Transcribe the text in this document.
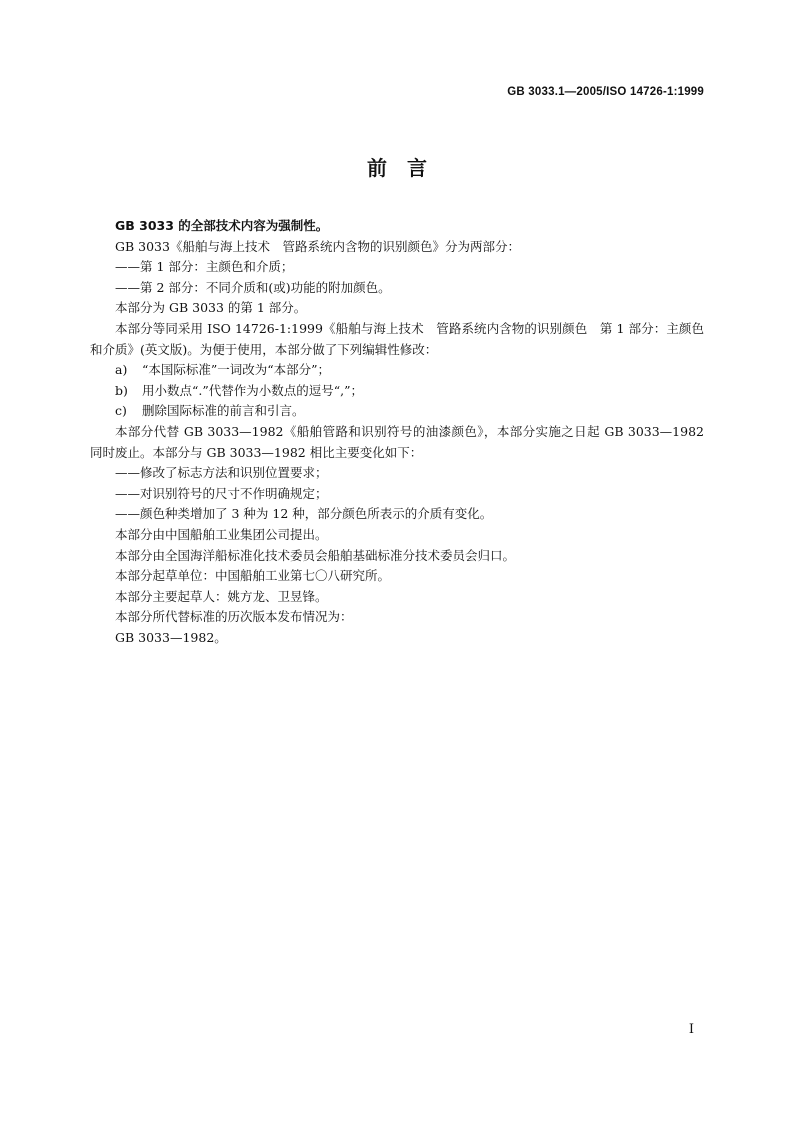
GB 3033.1—2005/ISO 14726-1:1999
前　言

GB 3033 的全部技术内容为强制性。

GB 3033《船舶与海上技术　管路系统内含物的识别颜色》分为两部分：

——第 1 部分：主颜色和介质；

——第 2 部分：不同介质和(或)功能的附加颜色。

本部分为 GB 3033 的第 1 部分。

本部分等同采用 ISO 14726-1:1999《船舶与海上技术　管路系统内含物的识别颜色　第 1 部分：主颜色和介质》(英文版)。为便于使用，本部分做了下列编辑性修改：

a) “本国际标准”一词改为“本部分”；

b) 用小数点“.”代替作为小数点的逗号“,”；

c) 删除国际标准的前言和引言。

本部分代替 GB 3033—1982《船舶管路和识别符号的油漆颜色》，本部分实施之日起 GB 3033—1982 同时废止。本部分与 GB 3033—1982 相比主要变化如下：

——修改了标志方法和识别位置要求；

——对识别符号的尺寸不作明确规定；

——颜色种类增加了 3 种为 12 种，部分颜色所表示的介质有变化。

本部分由中国船舶工业集团公司提出。

本部分由全国海洋船标准化技术委员会船舶基础标准分技术委员会归口。

本部分起草单位：中国船舶工业第七〇八研究所。

本部分主要起草人：姚方龙、卫昱锋。

本部分所代替标准的历次版本发布情况为：

GB 3033—1982。

I
